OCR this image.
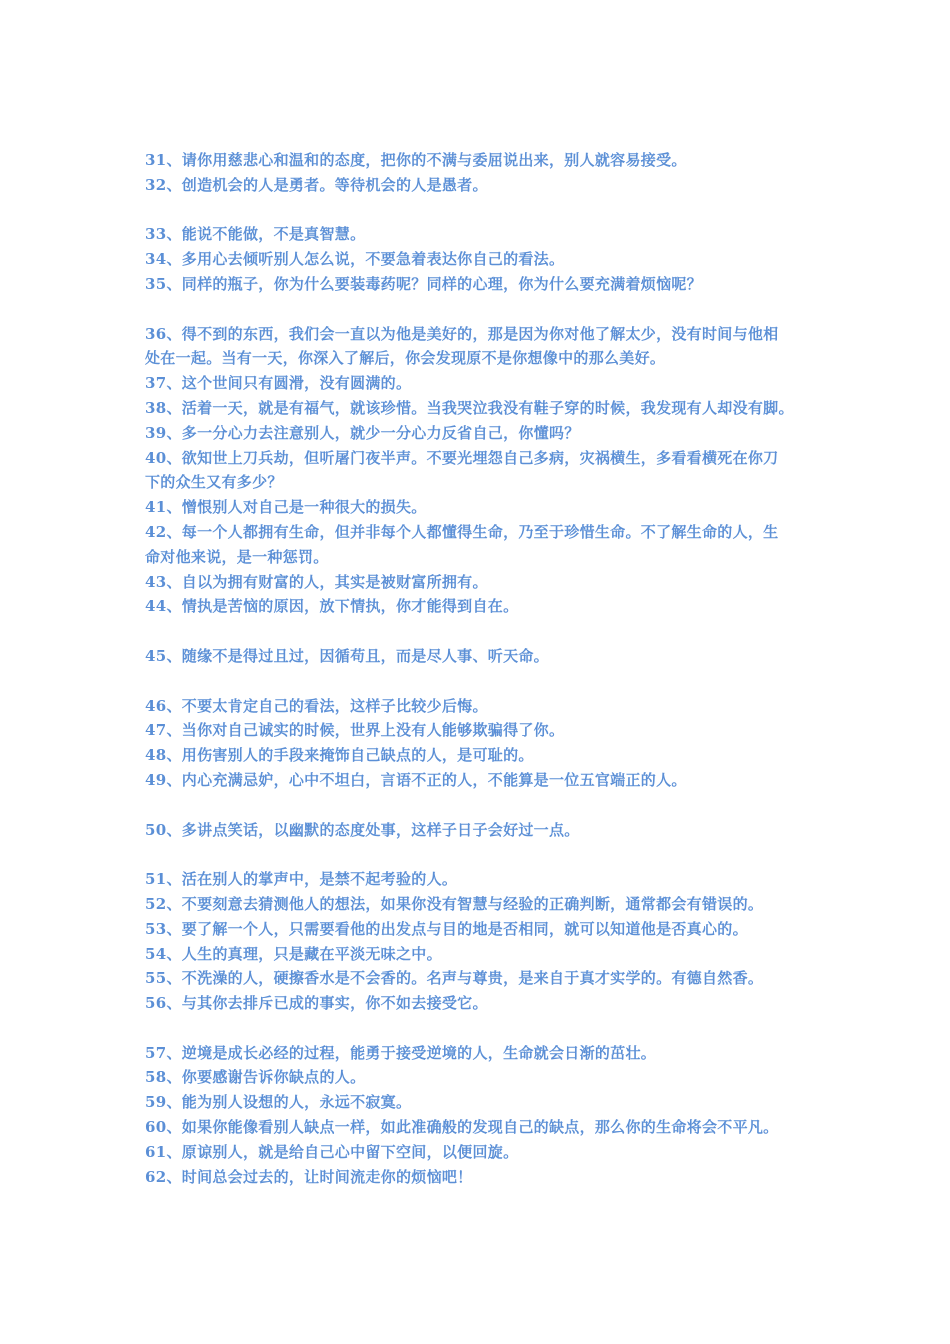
31、请你用慈悲心和温和的态度，把你的不满与委屈说出来，别人就容易接受。
32、创造机会的人是勇者。等待机会的人是愚者。
33、能说不能做，不是真智慧。
34、多用心去倾听别人怎么说，不要急着表达你自己的看法。
35、同样的瓶子，你为什么要装毒药呢？同样的心理，你为什么要充满着烦恼呢？
36、得不到的东西，我们会一直以为他是美好的，那是因为你对他了解太少，没有时间与他相
处在一起。当有一天，你深入了解后，你会发现原不是你想像中的那么美好。
37、这个世间只有圆滑，没有圆满的。
38、活着一天，就是有福气，就该珍惜。当我哭泣我没有鞋子穿的时候，我发现有人却没有脚。
39、多一分心力去注意别人，就少一分心力反省自己，你懂吗？
40、欲知世上刀兵劫，但听屠门夜半声。不要光埋怨自己多病，灾祸横生，多看看横死在你刀
下的众生又有多少？
41、憎恨别人对自己是一种很大的损失。
42、每一个人都拥有生命，但并非每个人都懂得生命，乃至于珍惜生命。不了解生命的人，生
命对他来说，是一种惩罚。
43、自以为拥有财富的人，其实是被财富所拥有。
44、情执是苦恼的原因，放下情执，你才能得到自在。
45、随缘不是得过且过，因循苟且，而是尽人事、听天命。
46、不要太肯定自己的看法，这样子比较少后悔。
47、当你对自己诚实的时候，世界上没有人能够欺骗得了你。
48、用伤害别人的手段来掩饰自己缺点的人，是可耻的。
49、内心充满忌妒，心中不坦白，言语不正的人，不能算是一位五官端正的人。
50、多讲点笑话，以幽默的态度处事，这样子日子会好过一点。
51、活在别人的掌声中，是禁不起考验的人。
52、不要刻意去猜测他人的想法，如果你没有智慧与经验的正确判断，通常都会有错误的。
53、要了解一个人，只需要看他的出发点与目的地是否相同，就可以知道他是否真心的。
54、人生的真理，只是藏在平淡无味之中。
55、不洗澡的人，硬擦香水是不会香的。名声与尊贵，是来自于真才实学的。有德自然香。
56、与其你去排斥已成的事实，你不如去接受它。
57、逆境是成长必经的过程，能勇于接受逆境的人，生命就会日渐的茁壮。
58、你要感谢告诉你缺点的人。
59、能为别人设想的人，永远不寂寞。
60、如果你能像看别人缺点一样，如此准确般的发现自己的缺点，那么你的生命将会不平凡。
61、原谅别人，就是给自己心中留下空间，以便回旋。
62、时间总会过去的，让时间流走你的烦恼吧！
